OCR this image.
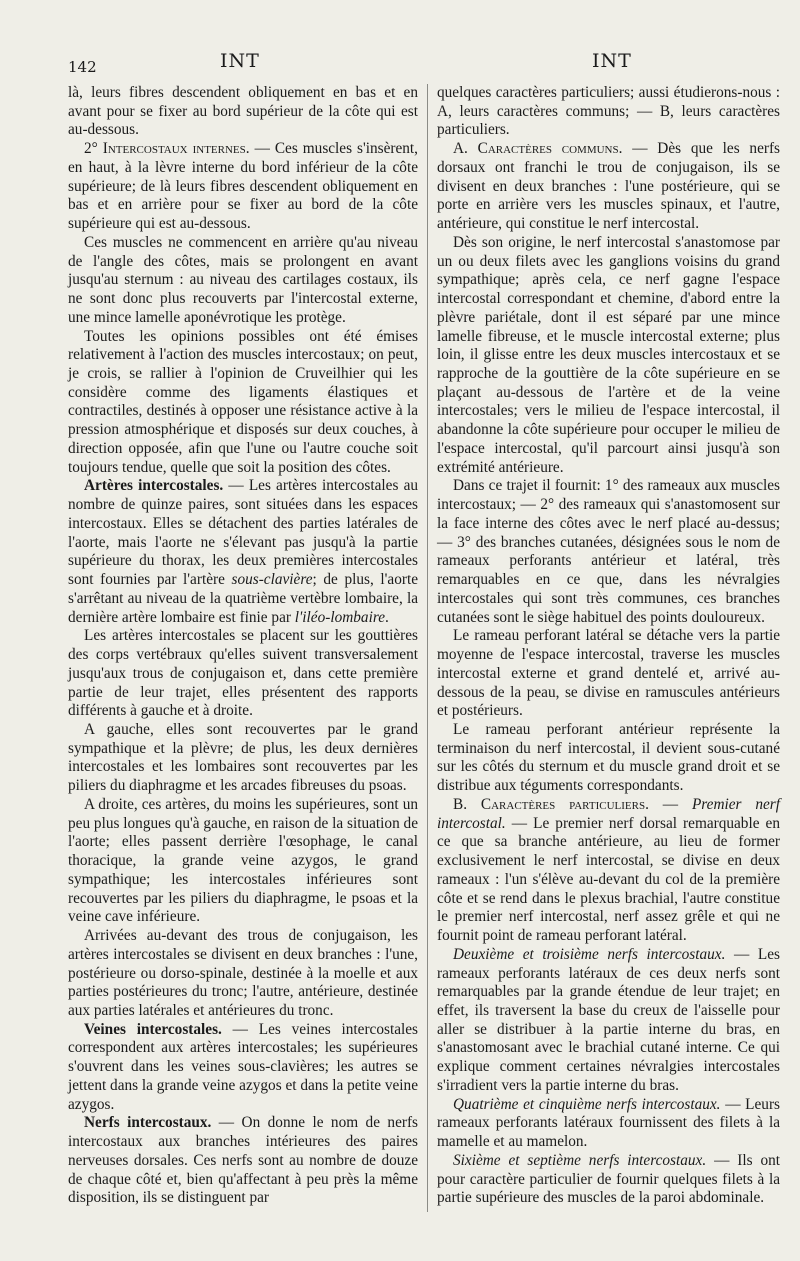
142	INT	INT

là, leurs fibres descendent obliquement en bas et en avant pour se fixer au bord supérieur de la côte qui est au-dessous.

2° Intercostaux internes. — Ces muscles s'insèrent, en haut, à la lèvre interne du bord inférieur de la côte supérieure; de là leurs fibres descendent obliquement en bas et en arrière pour se fixer au bord de la côte supérieure qui est au-dessous.

Ces muscles ne commencent en arrière qu'au niveau de l'angle des côtes, mais se prolongent en avant jusqu'au sternum : au niveau des cartilages costaux, ils ne sont donc plus recouverts par l'intercostal externe, une mince lamelle aponévrotique les protège.

Toutes les opinions possibles ont été émises relativement à l'action des muscles intercostaux; on peut, je crois, se rallier à l'opinion de Cruveilhier qui les considère comme des ligaments élastiques et contractiles, destinés à opposer une résistance active à la pression atmosphérique et disposés sur deux couches, à direction opposée, afin que l'une ou l'autre couche soit toujours tendue, quelle que soit la position des côtes.

Artères intercostales. — Les artères intercostales au nombre de quinze paires, sont situées dans les espaces intercostaux. Elles se détachent des parties latérales de l'aorte, mais l'aorte ne s'élevant pas jusqu'à la partie supérieure du thorax, les deux premières intercostales sont fournies par l'artère sous-clavière; de plus, l'aorte s'arrêtant au niveau de la quatrième vertèbre lombaire, la dernière artère lombaire est finie par l'iléo-lombaire.

Les artères intercostales se placent sur les gouttières des corps vertébraux qu'elles suivent transversalement jusqu'aux trous de conjugaison et, dans cette première partie de leur trajet, elles présentent des rapports différents à gauche et à droite.

A gauche, elles sont recouvertes par le grand sympathique et la plèvre; de plus, les deux dernières intercostales et les lombaires sont recouvertes par les piliers du diaphragme et les arcades fibreuses du psoas.

A droite, ces artères, du moins les supérieures, sont un peu plus longues qu'à gauche, en raison de la situation de l'aorte; elles passent derrière l'œsophage, le canal thoracique, la grande veine azygos, le grand sympathique; les intercostales inférieures sont recouvertes par les piliers du diaphragme, le psoas et la veine cave inférieure.

Arrivées au-devant des trous de conjugaison, les artères intercostales se divisent en deux branches : l'une, postérieure ou dorso-spinale, destinée à la moelle et aux parties postérieures du tronc; l'autre, antérieure, destinée aux parties latérales et antérieures du tronc.

Veines intercostales. — Les veines intercostales correspondent aux artères intercostales; les supérieures s'ouvrent dans les veines sous-clavières; les autres se jettent dans la grande veine azygos et dans la petite veine azygos.

Nerfs intercostaux. — On donne le nom de nerfs intercostaux aux branches intérieures des paires nerveuses dorsales. Ces nerfs sont au nombre de douze de chaque côté et, bien qu'affectant à peu près la même disposition, ils se distinguent par

quelques caractères particuliers; aussi étudierons-nous : A, leurs caractères communs; — B, leurs caractères particuliers.

A. Caractères communs. — Dès que les nerfs dorsaux ont franchi le trou de conjugaison, ils se divisent en deux branches : l'une postérieure, qui se porte en arrière vers les muscles spinaux, et l'autre, antérieure, qui constitue le nerf intercostal.

Dès son origine, le nerf intercostal s'anastomose par un ou deux filets avec les ganglions voisins du grand sympathique; après cela, ce nerf gagne l'espace intercostal correspondant et chemine, d'abord entre la plèvre pariétale, dont il est séparé par une mince lamelle fibreuse, et le muscle intercostal externe; plus loin, il glisse entre les deux muscles intercostaux et se rapproche de la gouttière de la côte supérieure en se plaçant au-dessous de l'artère et de la veine intercostales; vers le milieu de l'espace intercostal, il abandonne la côte supérieure pour occuper le milieu de l'espace intercostal, qu'il parcourt ainsi jusqu'à son extrémité antérieure.

Dans ce trajet il fournit: 1° des rameaux aux muscles intercostaux; — 2° des rameaux qui s'anastomosent sur la face interne des côtes avec le nerf placé au-dessus; — 3° des branches cutanées, désignées sous le nom de rameaux perforants antérieur et latéral, très remarquables en ce que, dans les névralgies intercostales qui sont très communes, ces branches cutanées sont le siège habituel des points douloureux.

Le rameau perforant latéral se détache vers la partie moyenne de l'espace intercostal, traverse les muscles intercostal externe et grand dentelé et, arrivé au-dessous de la peau, se divise en ramuscules antérieurs et postérieurs.

Le rameau perforant antérieur représente la terminaison du nerf intercostal, il devient sous-cutané sur les côtés du sternum et du muscle grand droit et se distribue aux téguments correspondants.

B. Caractères particuliers. — Premier nerf intercostal. — Le premier nerf dorsal remarquable en ce que sa branche antérieure, au lieu de former exclusivement le nerf intercostal, se divise en deux rameaux : l'un s'élève au-devant du col de la première côte et se rend dans le plexus brachial, l'autre constitue le premier nerf intercostal, nerf assez grêle et qui ne fournit point de rameau perforant latéral.

Deuxième et troisième nerfs intercostaux. — Les rameaux perforants latéraux de ces deux nerfs sont remarquables par la grande étendue de leur trajet; en effet, ils traversent la base du creux de l'aisselle pour aller se distribuer à la partie interne du bras, en s'anastomosant avec le brachial cutané interne. Ce qui explique comment certaines névralgies intercostales s'irradient vers la partie interne du bras.

Quatrième et cinquième nerfs intercostaux. — Leurs rameaux perforants latéraux fournissent des filets à la mamelle et au mamelon.

Sixième et septième nerfs intercostaux. — Ils ont pour caractère particulier de fournir quelques filets à la partie supérieure des muscles de la paroi abdominale.
